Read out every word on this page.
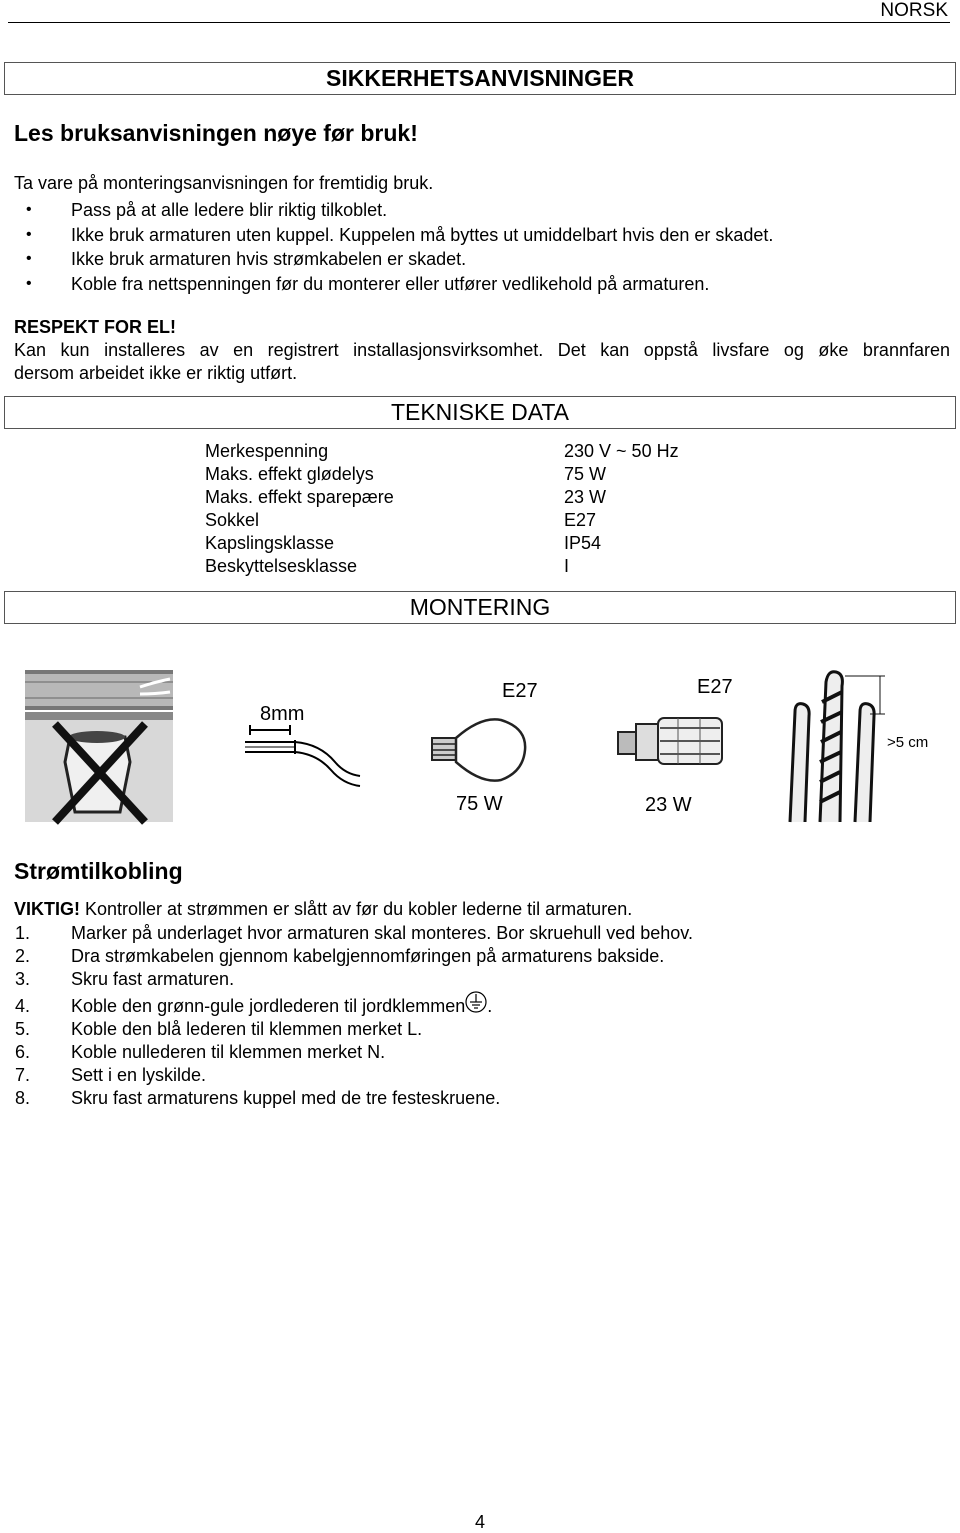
NORSK
SIKKERHETSANVISNINGER
Les bruksanvisningen nøye før bruk!
Ta vare på monteringsanvisningen for fremtidig bruk.
• Pass på at alle ledere blir riktig tilkoblet.
• Ikke bruk armaturen uten kuppel. Kuppelen må byttes ut umiddelbart hvis den er skadet.
• Ikke bruk armaturen hvis strømkabelen er skadet.
• Koble fra nettspenningen før du monterer eller utfører vedlikehold på armaturen.
RESPEKT FOR EL!
Kan kun installeres av en registrert installasjonsvirksomhet. Det kan oppstå livsfare og øke brannfaren
dersom arbeidet ikke er riktig utført.
TEKNISKE DATA
Merkespenning	230 V ~ 50 Hz
Maks. effekt glødelys	75 W
Maks. effekt sparepære	23 W
Sokkel	E27
Kapslingsklasse	IP54
Beskyttelsesklasse	I
MONTERING
8mm
E27
75 W
E27
23 W
>5 cm
Strømtilkobling
VIKTIG! Kontroller at strømmen er slått av før du kobler lederne til armaturen.
1. Marker på underlaget hvor armaturen skal monteres. Bor skruehull ved behov.
2. Dra strømkabelen gjennom kabelgjennomføringen på armaturens bakside.
3. Skru fast armaturen.
4. Koble den grønn-gule jordlederen til jordklemmen .
5. Koble den blå lederen til klemmen merket L.
6. Koble nullederen til klemmen merket N.
7. Sett i en lyskilde.
8. Skru fast armaturens kuppel med de tre festeskruene.
4
